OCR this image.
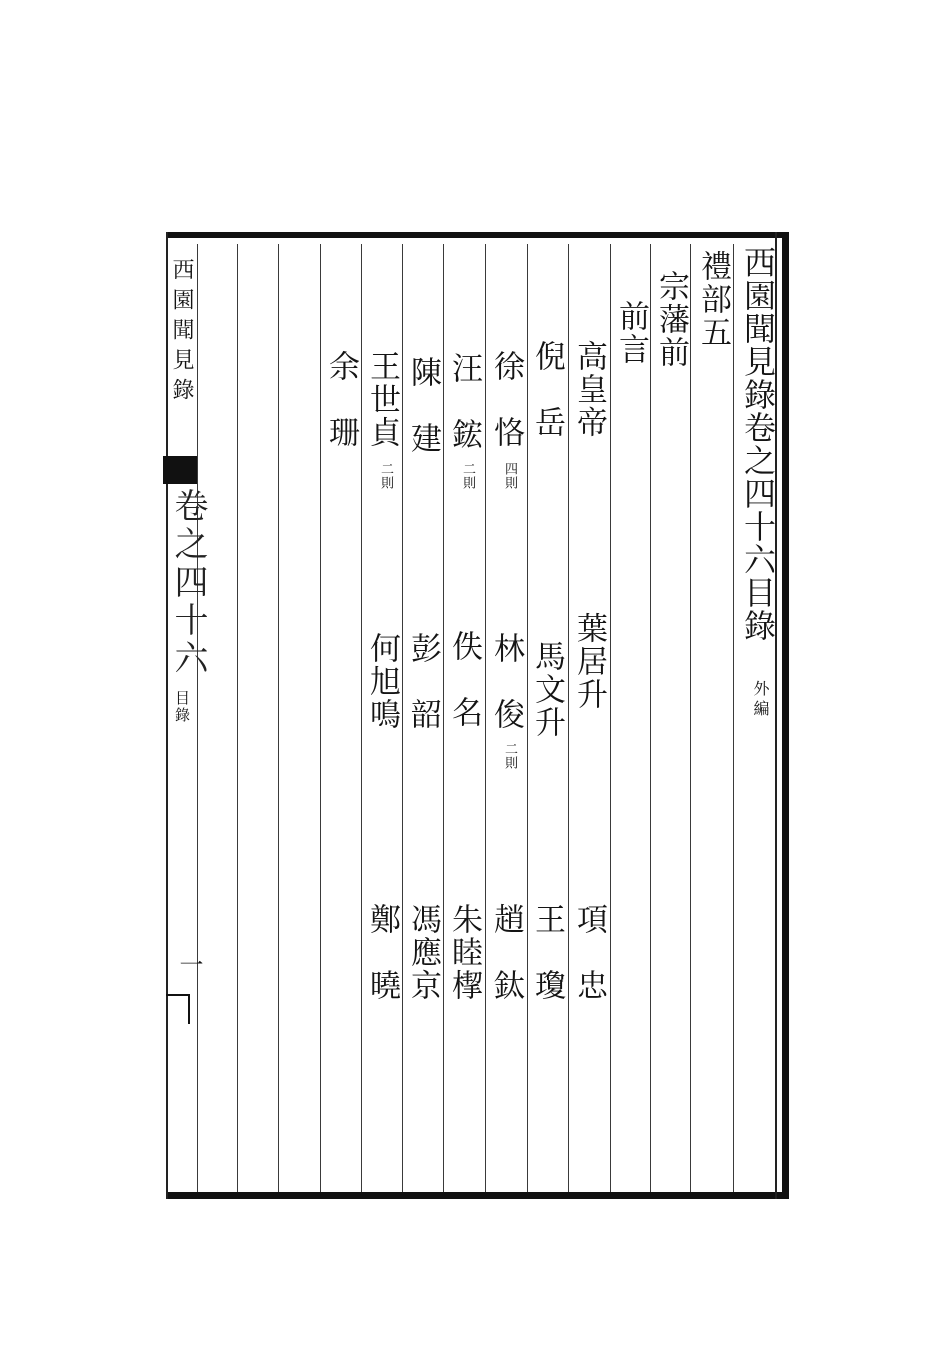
西園聞見錄卷之四十六目錄
外編
禮部五
宗藩前
前言
高皇帝
葉居升
項　忠
倪　岳
馬文升
王　瓊
徐　恪
四則
林　俊
二則
趙　鈦
汪　鋐
二則
佚　名
朱睦㮮
陳　建
彭　韶
馮應京
王世貞
二則
何旭鳴
鄭　曉
余　珊
西園聞見錄
卷之四十六
目錄
一
